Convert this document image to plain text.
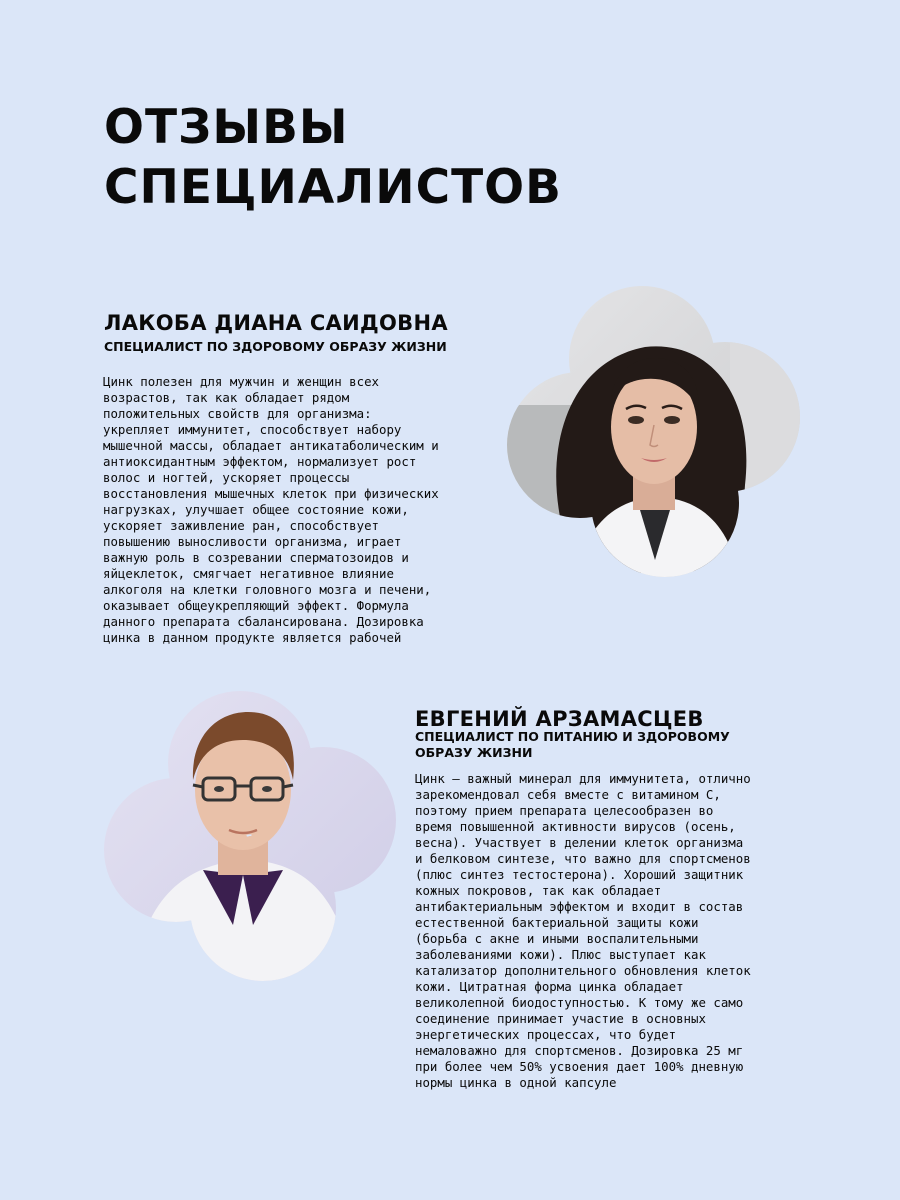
ОТЗЫВЫ
СПЕЦИАЛИСТОВ
ЛАКОБА ДИАНА САИДОВНА

СПЕЦИАЛИСТ ПО ЗДОРОВОМУ ОБРАЗУ ЖИЗНИ

Цинк полезен для мужчин и женщин всех
возрастов, так как обладает рядом
положительных свойств для организма:
укрепляет иммунитет, способствует набору
мышечной массы, обладает антикатаболическим и
антиоксидантным эффектом, нормализует рост
волос и ногтей, ускоряет процессы
восстановления мышечных клеток при физических
нагрузках, улучшает общее состояние кожи,
ускоряет заживление ран, способствует
повышению выносливости организма, играет
важную роль в созревании сперматозоидов и
яйцеклеток, смягчает негативное влияние
алкоголя на клетки головного мозга и печени,
оказывает общеукрепляющий эффект. Формула
данного препарата сбалансирована. Дозировка
цинка в данном продукте является рабочей

ЕВГЕНИЙ АРЗАМАСЦЕВ

СПЕЦИАЛИСТ ПО ПИТАНИЮ И ЗДОРОВОМУ
ОБРАЗУ ЖИЗНИ

Цинк — важный минерал для иммунитета, отлично
зарекомендовал себя вместе с витамином С,
поэтому прием препарата целесообразен во
время повышенной активности вирусов (осень,
весна). Участвует в делении клеток организма
и белковом синтезе, что важно для спортсменов
(плюс синтез тестостерона). Хороший защитник
кожных покровов, так как обладает
антибактериальным эффектом и входит в состав
естественной бактериальной защиты кожи
(борьба с акне и иными воспалительными
заболеваниями кожи). Плюс выступает как
катализатор дополнительного обновления клеток
кожи. Цитратная форма цинка обладает
великолепной биодоступностью. К тому же само
соединение принимает участие в основных
энергетических процессах, что будет
немаловажно для спортсменов. Дозировка 25 мг
при более чем 50% усвоения дает 100% дневную
нормы цинка в одной капсуле
